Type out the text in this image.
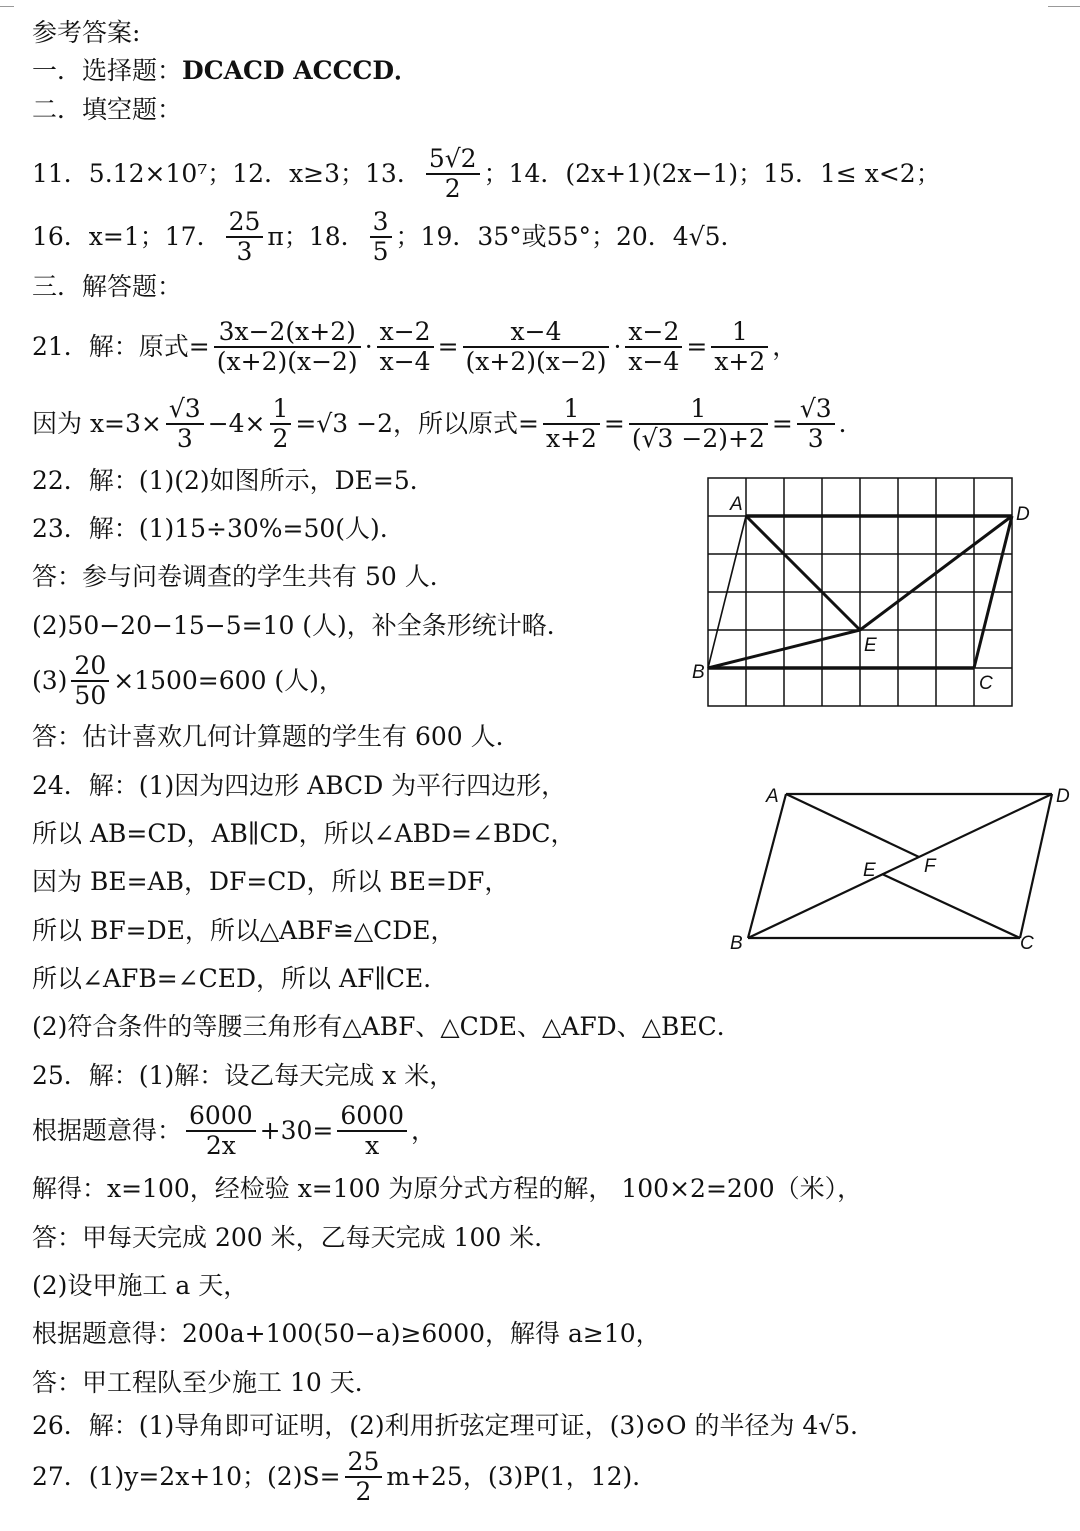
参考答案:
一．选择题：DCACD ACCCD．
二．填空题：
11．5.12×10⁷；12．x≥3；13． $\frac{5√2}{2}$ ；14．(2x+1)(2x−1)；15．1≤ x<2；
16．x=1；17． $\frac{25}{3}$ π；18． $\frac{3}{5}$ ；19．35°或55°；20．4√5．
三．解答题：
21．解：原式= $\frac{3x-2(x+2)}{(x+2)(x-2)} \cdot \frac{x-2}{x-4} = \frac{x-4}{(x+2)(x-2)} \cdot \frac{x-2}{x-4} = \frac{1}{x+2}$ ，
因为 $x=3\times \frac{√3}{3} -4\times \frac{1}{2} =√3 -2$，所以原式= $\frac{1}{x+2} = \frac{1}{(√3 -2)+2} = \frac{√3}{3}$ ．
22．解：(1)(2)如图所示，DE=5．
23．解：(1)15÷30%=50(人)．
答：参与问卷调查的学生共有 50 人．
(2)50−20−15−5=10 (人)，补全条形统计略．
$(3) \frac{20}{50} \times 1500=600$ (人)，
答：估计喜欢几何计算题的学生有 600 人．
24．解：(1)因为四边形 ABCD 为平行四边形，
所以 AB=CD，AB∥CD，所以∠ABD=∠BDC，
因为 BE=AB，DF=CD，所以 BE=DF，
所以 BF=DE，所以△ABF≌△CDE，
所以∠AFB=∠CED，所以 AF∥CE．
(2)符合条件的等腰三角形有△ABF、△CDE、△AFD、△BEC．
25．解：(1)解：设乙每天完成 x 米，
根据题意得： $\frac{6000}{2x} +30= \frac{6000}{x}$ ，
解得：x=100，经检验 x=100 为原分式方程的解， 100×2=200（米），
答：甲每天完成 200 米，乙每天完成 100 米．
(2)设甲施工 a 天，
根据题意得：200a+100(50−a)≥6000，解得 a≥10，
答：甲工程队至少施工 10 天．
26．解：(1)导角即可证明，(2)利用折弦定理可证，(3)⊙O 的半径为 4√5．
27．(1)y=2x+10；$(2)S= \frac{25}{2} m+25$，(3)P(1，12)．
A
B
C
D
E
A
B	C
D
E	F
